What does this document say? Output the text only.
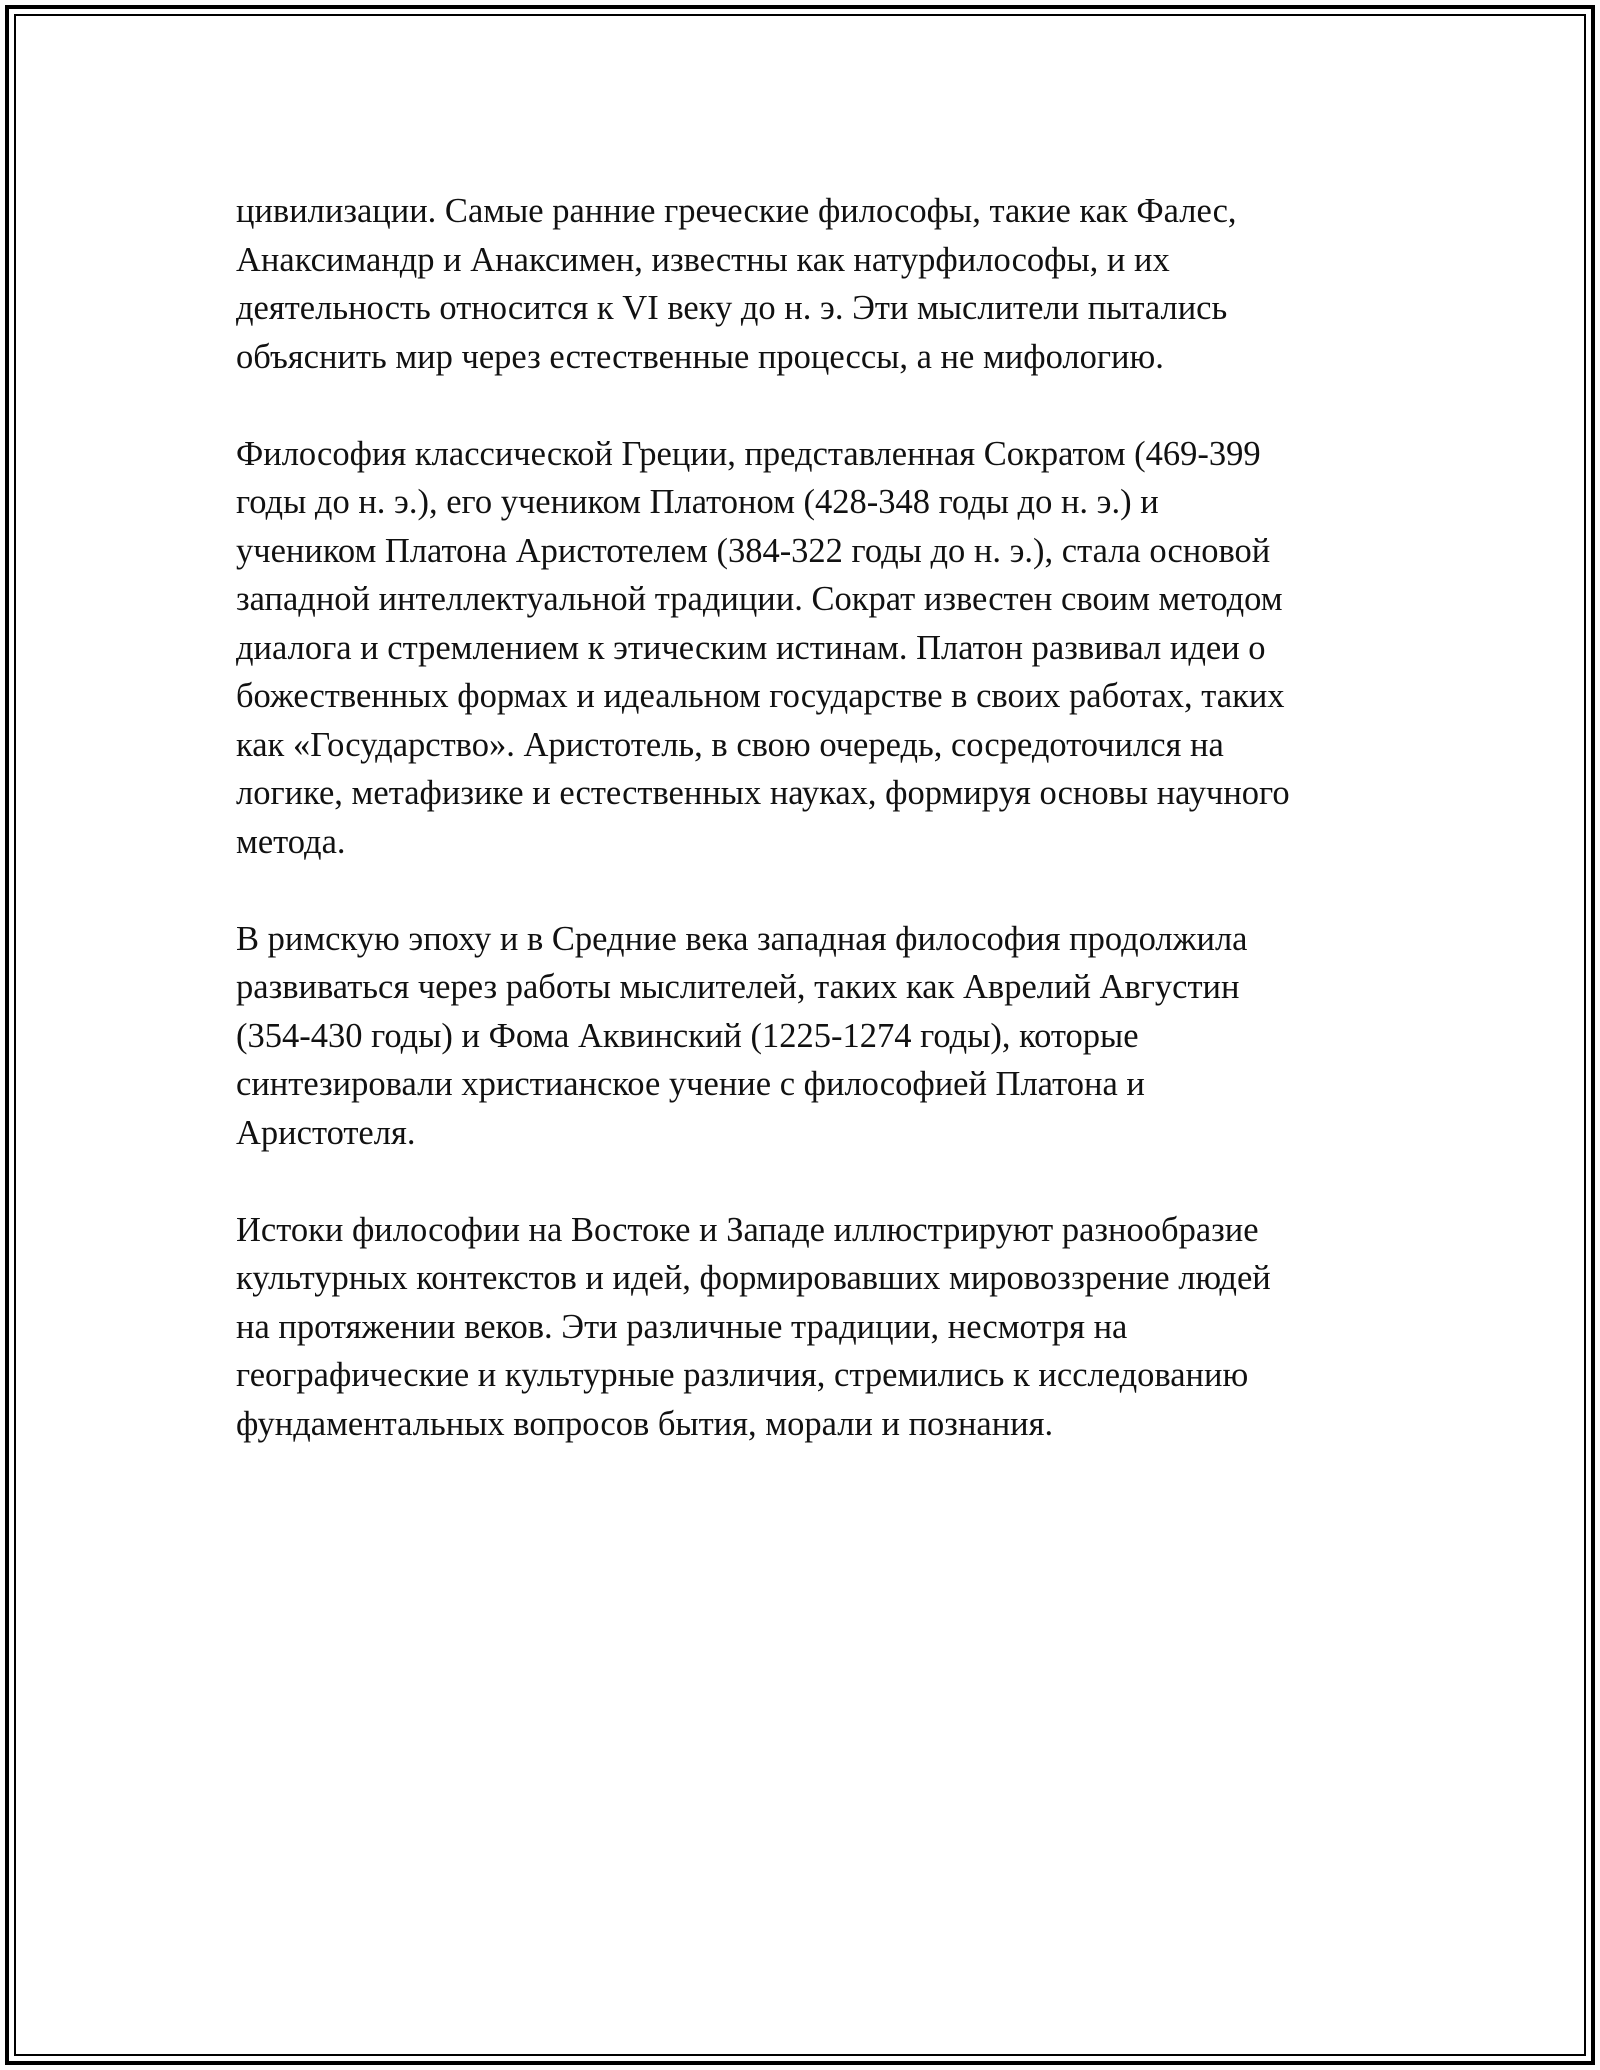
цивилизации. Самые ранние греческие философы, такие как Фалес,
Анаксимандр и Анаксимен, известны как натурфилософы, и их
деятельность относится к VI веку до н. э. Эти мыслители пытались
объяснить мир через естественные процессы, а не мифологию.

Философия классической Греции, представленная Сократом (469-399
годы до н. э.), его учеником Платоном (428-348 годы до н. э.) и
учеником Платона Аристотелем (384-322 годы до н. э.), стала основой
западной интеллектуальной традиции. Сократ известен своим методом
диалога и стремлением к этическим истинам. Платон развивал идеи о
божественных формах и идеальном государстве в своих работах, таких
как «Государство». Аристотель, в свою очередь, сосредоточился на
логике, метафизике и естественных науках, формируя основы научного
метода.

В римскую эпоху и в Средние века западная философия продолжила
развиваться через работы мыслителей, таких как Аврелий Августин
(354-430 годы) и Фома Аквинский (1225-1274 годы), которые
синтезировали христианское учение с философией Платона и
Аристотеля.

Истоки философии на Востоке и Западе иллюстрируют разнообразие
культурных контекстов и идей, формировавших мировоззрение людей
на протяжении веков. Эти различные традиции, несмотря на
географические и культурные различия, стремились к исследованию
фундаментальных вопросов бытия, морали и познания.
